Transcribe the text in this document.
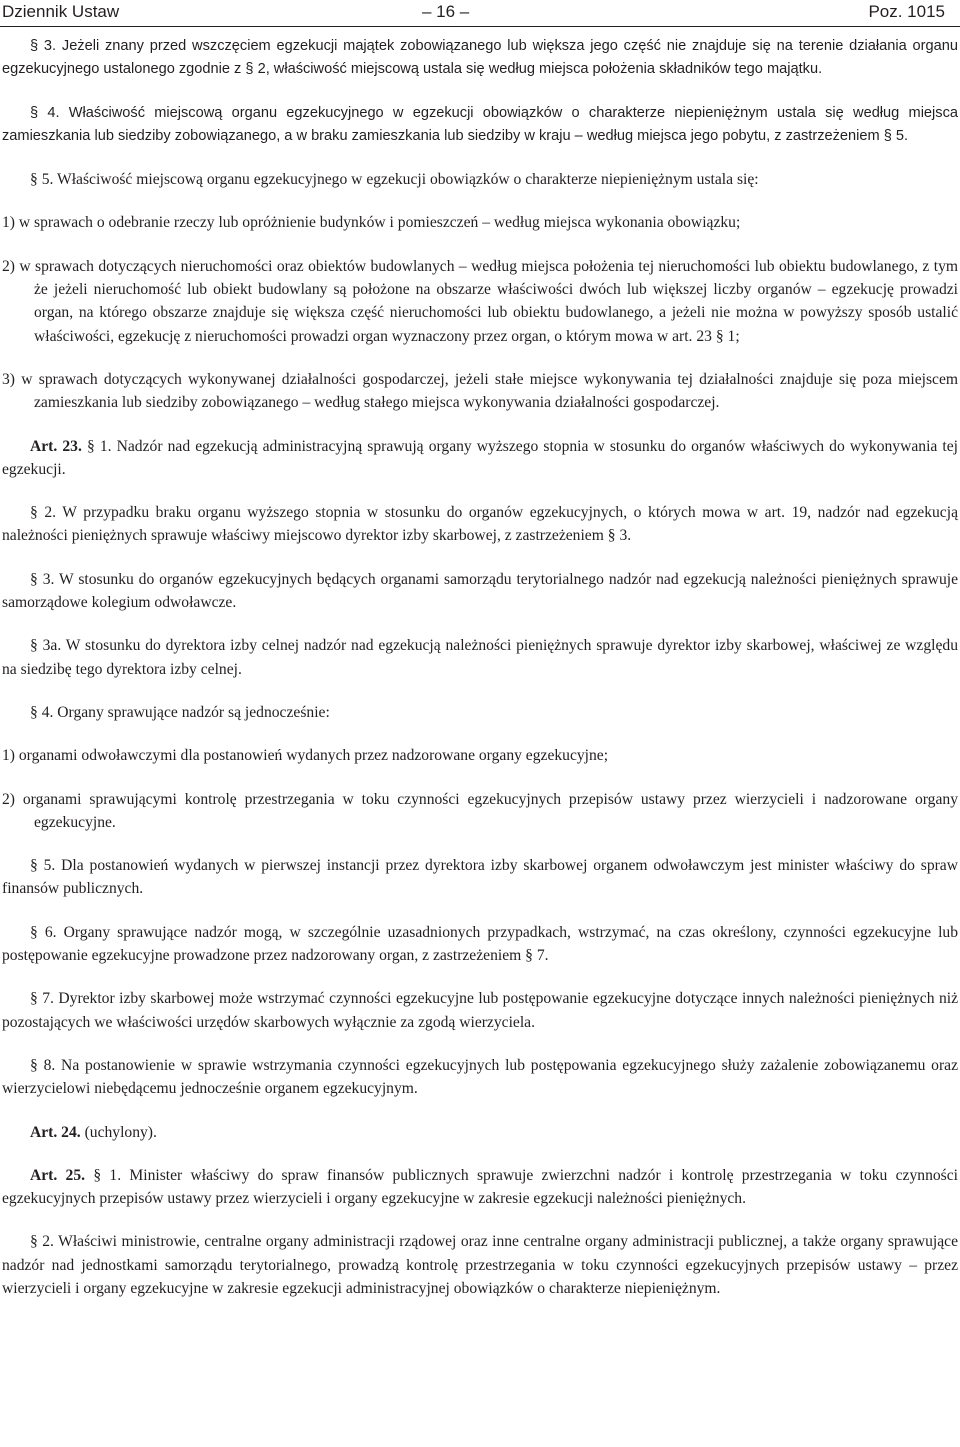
Dziennik Ustaw	– 16 –	Poz. 1015

§ 3. Jeżeli znany przed wszczęciem egzekucji majątek zobowiązanego lub większa jego część nie znajduje się na terenie działania organu egzekucyjnego ustalonego zgodnie z § 2, właściwość miejscową ustala się według miejsca położenia składników tego majątku.

§ 4. Właściwość miejscową organu egzekucyjnego w egzekucji obowiązków o charakterze niepieniężnym ustala się według miejsca zamieszkania lub siedziby zobowiązanego, a w braku zamieszkania lub siedziby w kraju – według miejsca jego pobytu, z zastrzeżeniem § 5.

§ 5. Właściwość miejscową organu egzekucyjnego w egzekucji obowiązków o charakterze niepieniężnym ustala się:

1) w sprawach o odebranie rzeczy lub opróżnienie budynków i pomieszczeń – według miejsca wykonania obowiązku;

2) w sprawach dotyczących nieruchomości oraz obiektów budowlanych – według miejsca położenia tej nieruchomości lub obiektu budowlanego, z tym że jeżeli nieruchomość lub obiekt budowlany są położone na obszarze właściwości dwóch lub większej liczby organów – egzekucję prowadzi organ, na którego obszarze znajduje się większa część nieruchomości lub obiektu budowlanego, a jeżeli nie można w powyższy sposób ustalić właściwości, egzekucję z nieruchomości prowadzi organ wyznaczony przez organ, o którym mowa w art. 23 § 1;

3) w sprawach dotyczących wykonywanej działalności gospodarczej, jeżeli stałe miejsce wykonywania tej działalności znajduje się poza miejscem zamieszkania lub siedziby zobowiązanego – według stałego miejsca wykonywania działalności gospodarczej.

Art. 23. § 1. Nadzór nad egzekucją administracyjną sprawują organy wyższego stopnia w stosunku do organów właściwych do wykonywania tej egzekucji.

§ 2. W przypadku braku organu wyższego stopnia w stosunku do organów egzekucyjnych, o których mowa w art. 19, nadzór nad egzekucją należności pieniężnych sprawuje właściwy miejscowo dyrektor izby skarbowej, z zastrzeżeniem § 3.

§ 3. W stosunku do organów egzekucyjnych będących organami samorządu terytorialnego nadzór nad egzekucją należności pieniężnych sprawuje samorządowe kolegium odwoławcze.

§ 3a. W stosunku do dyrektora izby celnej nadzór nad egzekucją należności pieniężnych sprawuje dyrektor izby skarbowej, właściwej ze względu na siedzibę tego dyrektora izby celnej.

§ 4. Organy sprawujące nadzór są jednocześnie:

1) organami odwoławczymi dla postanowień wydanych przez nadzorowane organy egzekucyjne;

2) organami sprawującymi kontrolę przestrzegania w toku czynności egzekucyjnych przepisów ustawy przez wierzycieli i nadzorowane organy egzekucyjne.

§ 5. Dla postanowień wydanych w pierwszej instancji przez dyrektora izby skarbowej organem odwoławczym jest minister właściwy do spraw finansów publicznych.

§ 6. Organy sprawujące nadzór mogą, w szczególnie uzasadnionych przypadkach, wstrzymać, na czas określony, czynności egzekucyjne lub postępowanie egzekucyjne prowadzone przez nadzorowany organ, z zastrzeżeniem § 7.

§ 7. Dyrektor izby skarbowej może wstrzymać czynności egzekucyjne lub postępowanie egzekucyjne dotyczące innych należności pieniężnych niż pozostających we właściwości urzędów skarbowych wyłącznie za zgodą wierzyciela.

§ 8. Na postanowienie w sprawie wstrzymania czynności egzekucyjnych lub postępowania egzekucyjnego służy zażalenie zobowiązanemu oraz wierzycielowi niebędącemu jednocześnie organem egzekucyjnym.

Art. 24. (uchylony).

Art. 25. § 1. Minister właściwy do spraw finansów publicznych sprawuje zwierzchni nadzór i kontrolę przestrzegania w toku czynności egzekucyjnych przepisów ustawy przez wierzycieli i organy egzekucyjne w zakresie egzekucji należności pieniężnych.

§ 2. Właściwi ministrowie, centralne organy administracji rządowej oraz inne centralne organy administracji publicznej, a także organy sprawujące nadzór nad jednostkami samorządu terytorialnego, prowadzą kontrolę przestrzegania w toku czynności egzekucyjnych przepisów ustawy – przez wierzycieli i organy egzekucyjne w zakresie egzekucji administracyjnej obowiązków o charakterze niepieniężnym.
